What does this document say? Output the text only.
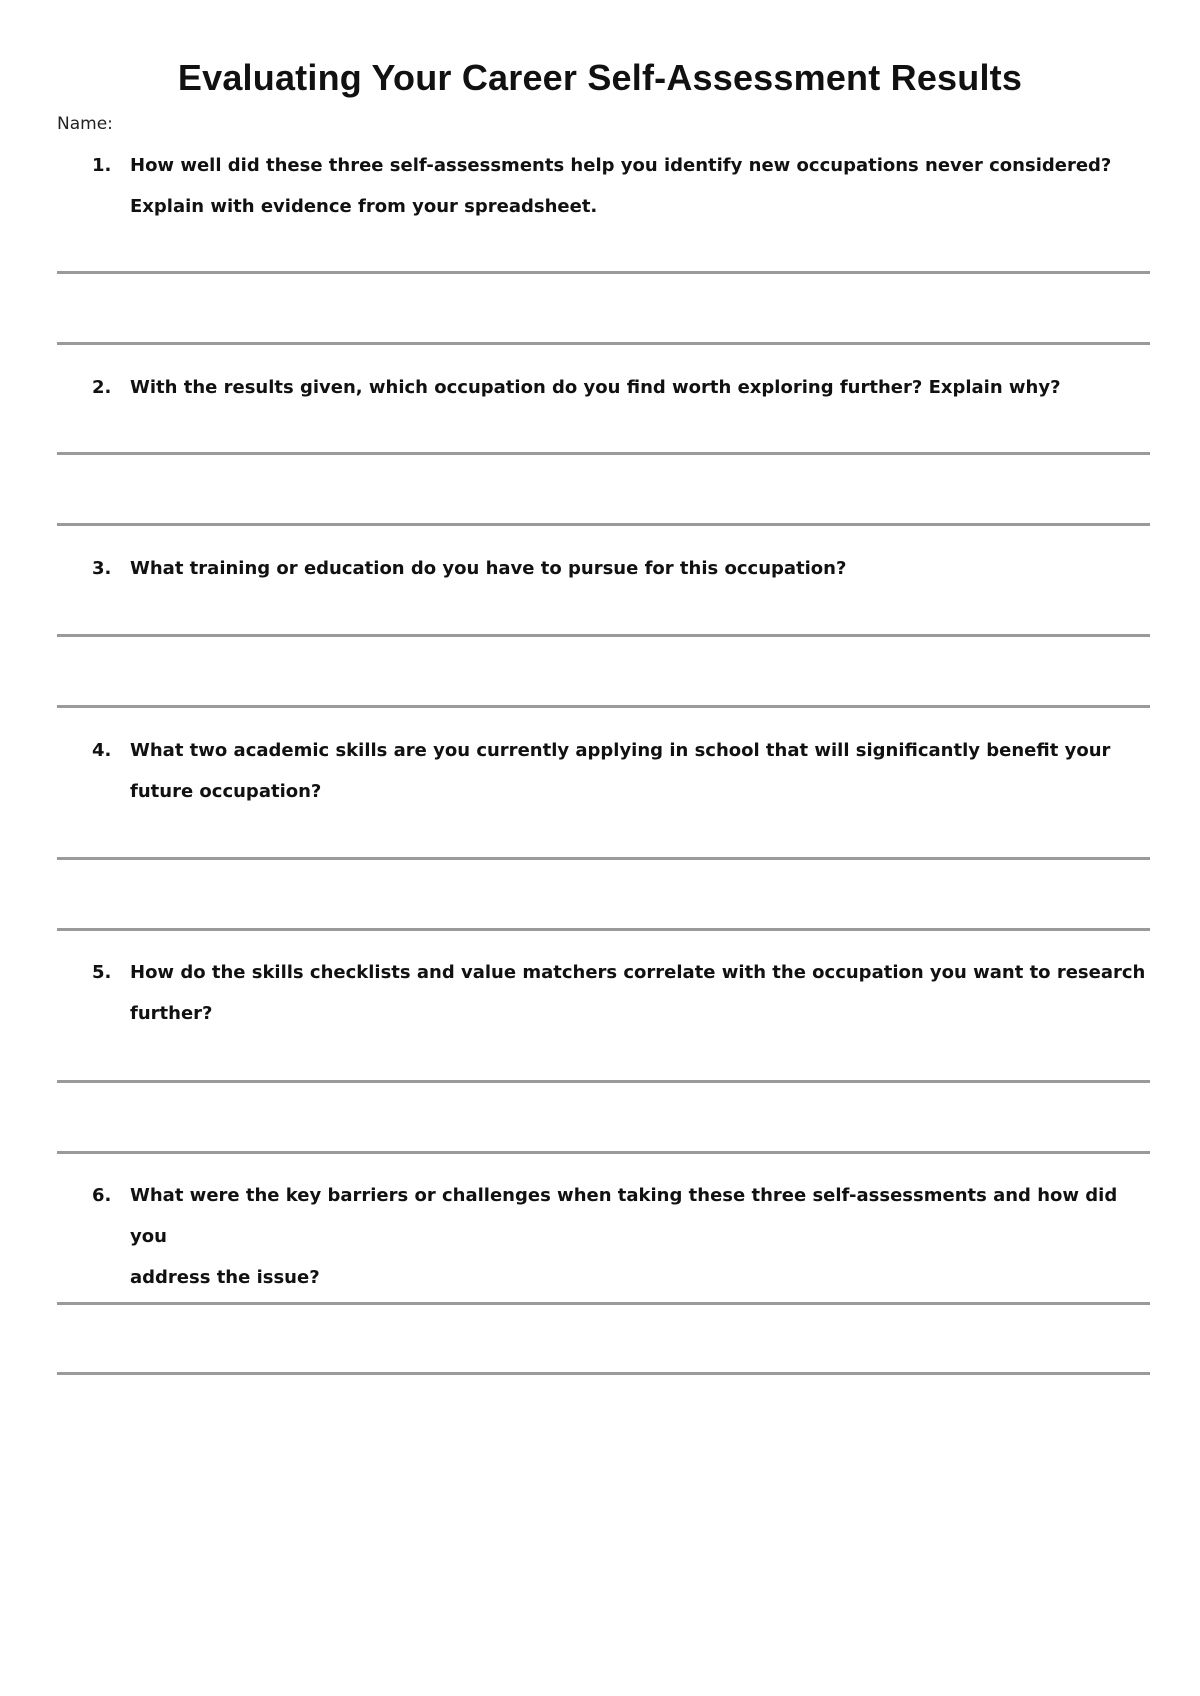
Evaluating Your Career Self-Assessment Results
Name:
1. How well did these three self-assessments help you identify new occupations never considered?
Explain with evidence from your spreadsheet.
2. With the results given, which occupation do you find worth exploring further? Explain why?
3. What training or education do you have to pursue for this occupation?
4. What two academic skills are you currently applying in school that will significantly benefit your
future occupation?
5. How do the skills checklists and value matchers correlate with the occupation you want to research
further?
6. What were the key barriers or challenges when taking these three self-assessments and how did you
address the issue?
